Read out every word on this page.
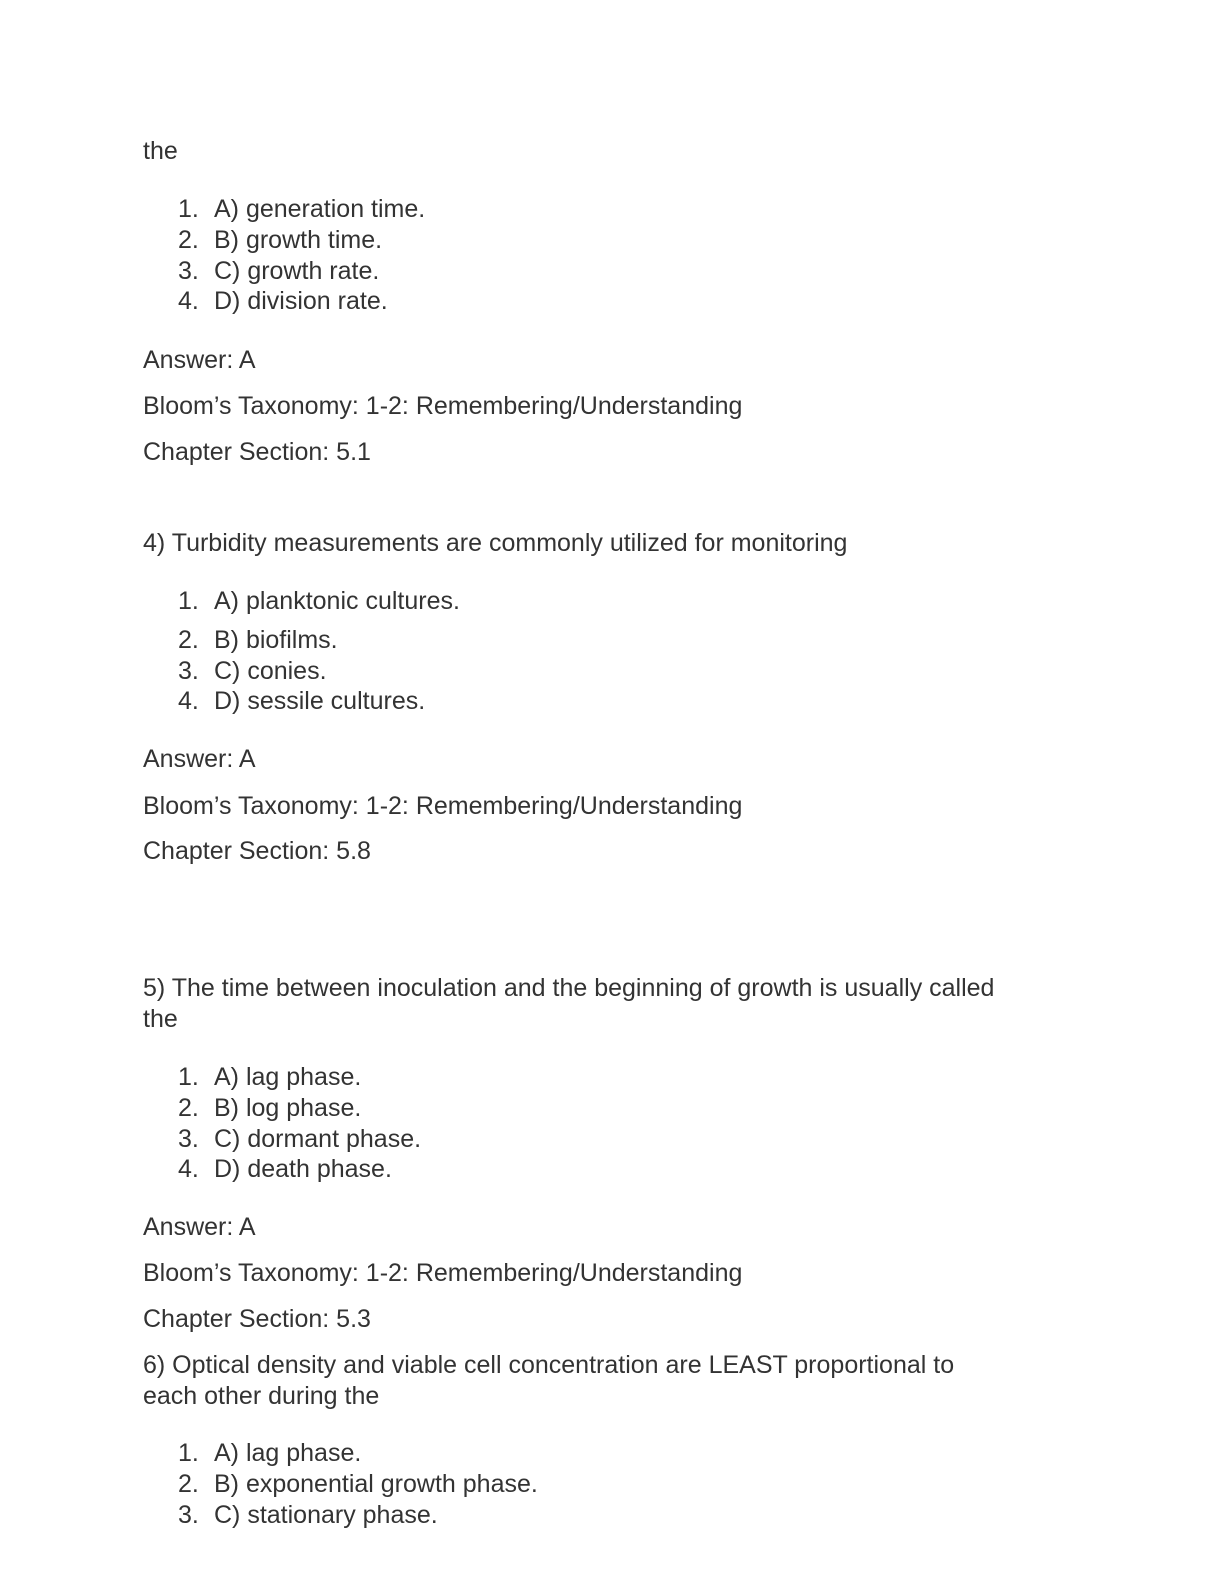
the
1. A) generation time.
2. B) growth time.
3. C) growth rate.
4. D) division rate.
Answer: A
Bloom’s Taxonomy: 1-2: Remembering/Understanding
Chapter Section: 5.1
4) Turbidity measurements are commonly utilized for monitoring
1. A) planktonic cultures.
2. B) biofilms.
3. C) conies.
4. D) sessile cultures.
Answer: A
Bloom’s Taxonomy: 1-2: Remembering/Understanding
Chapter Section: 5.8
5) The time between inoculation and the beginning of growth is usually called
the
1. A) lag phase.
2. B) log phase.
3. C) dormant phase.
4. D) death phase.
Answer: A
Bloom’s Taxonomy: 1-2: Remembering/Understanding
Chapter Section: 5.3
6) Optical density and viable cell concentration are LEAST proportional to
each other during the
1. A) lag phase.
2. B) exponential growth phase.
3. C) stationary phase.
